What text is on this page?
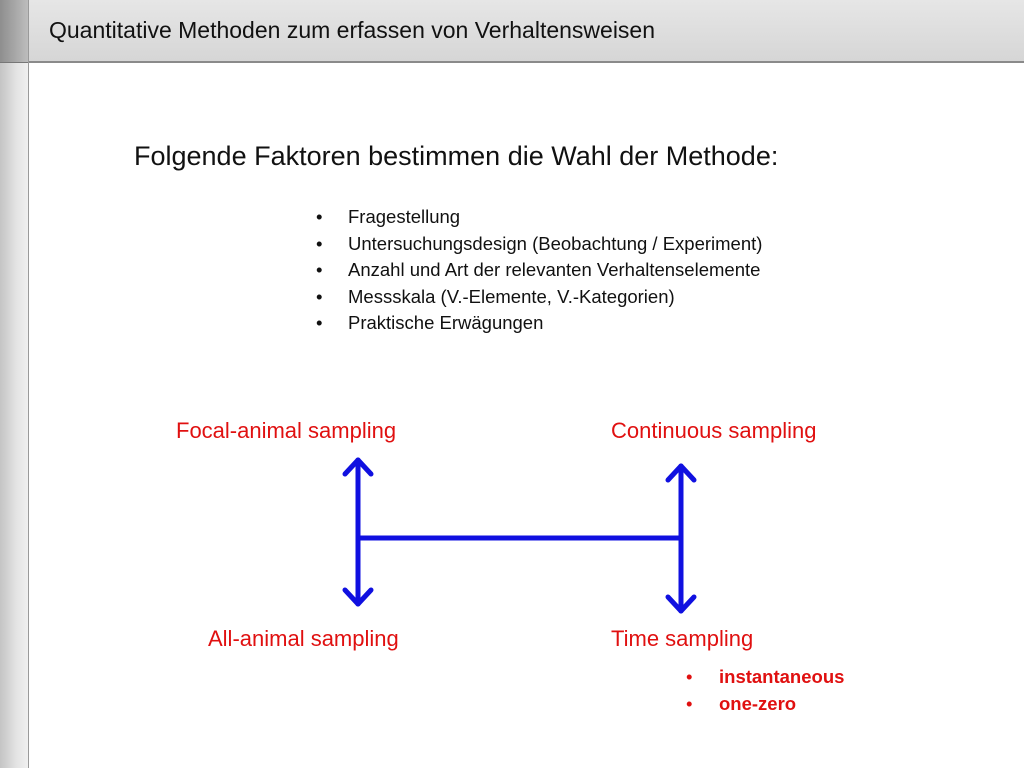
Quantitative Methoden zum erfassen von Verhaltensweisen
Folgende Faktoren bestimmen die Wahl der Methode:
• Fragestellung
• Untersuchungsdesign (Beobachtung / Experiment)
• Anzahl und Art der relevanten Verhaltenselemente
• Messskala (V.-Elemente, V.-Kategorien)
• Praktische Erwägungen
Focal-animal sampling	Continuous sampling
All-animal sampling	Time sampling
• instantaneous
• one-zero
